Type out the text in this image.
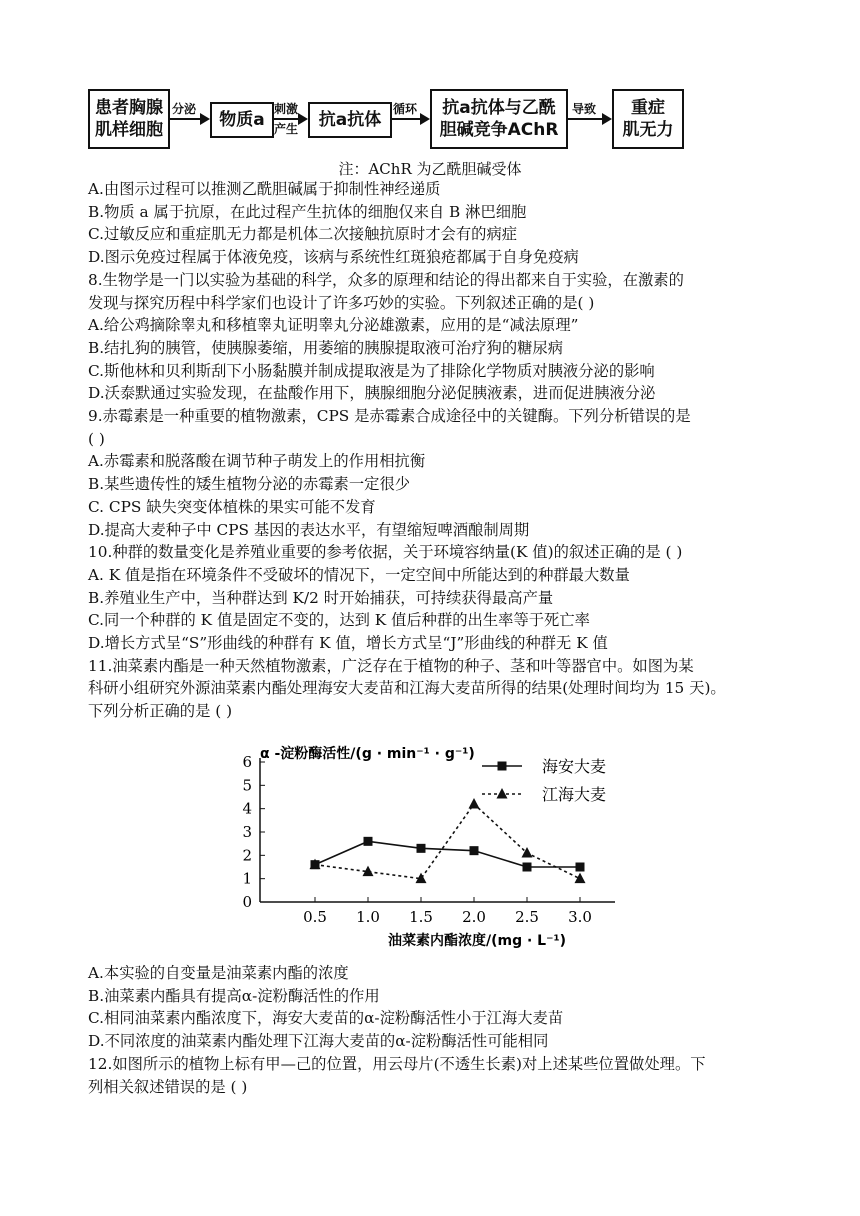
患者胸腺
肌样细胞
分泌
物质a
刺激
产生	抗a抗体
循环	抗a抗体与乙酰
胆碱竞争AChR
导致	重症
肌无力
注：AChR 为乙酰胆碱受体
A.由图示过程可以推测乙酰胆碱属于抑制性神经递质
B.物质 a 属于抗原，在此过程产生抗体的细胞仅来自 B 淋巴细胞
C.过敏反应和重症肌无力都是机体二次接触抗原时才会有的病症
D.图示免疫过程属于体液免疫，该病与系统性红斑狼疮都属于自身免疫病
8.生物学是一门以实验为基础的科学，众多的原理和结论的得出都来自于实验，在激素的
发现与探究历程中科学家们也设计了许多巧妙的实验。下列叙述正确的是( )
A.给公鸡摘除睾丸和移植睾丸证明睾丸分泌雄激素，应用的是“减法原理”
B.结扎狗的胰管，使胰腺萎缩，用萎缩的胰腺提取液可治疗狗的糖尿病
C.斯他林和贝利斯刮下小肠黏膜并制成提取液是为了排除化学物质对胰液分泌的影响
D.沃泰默通过实验发现，在盐酸作用下，胰腺细胞分泌促胰液素，进而促进胰液分泌
9.赤霉素是一种重要的植物激素，CPS 是赤霉素合成途径中的关键酶。下列分析错误的是
( )
A.赤霉素和脱落酸在调节种子萌发上的作用相抗衡
B.某些遗传性的矮生植物分泌的赤霉素一定很少
C. CPS 缺失突变体植株的果实可能不发育
D.提高大麦种子中 CPS 基因的表达水平，有望缩短啤酒酿制周期
10.种群的数量变化是养殖业重要的参考依据，关于环境容纳量(K 值)的叙述正确的是 ( )
A. K 值是指在环境条件不受破坏的情况下，一定空间中所能达到的种群最大数量
B.养殖业生产中，当种群达到 K/2 时开始捕获，可持续获得最高产量
C.同一个种群的 K 值是固定不变的，达到 K 值后种群的出生率等于死亡率
D.增长方式呈“S”形曲线的种群有 K 值，增长方式呈“J”形曲线的种群无 K 值
11.油菜素内酯是一种天然植物激素，广泛存在于植物的种子、茎和叶等器官中。如图为某
科研小组研究外源油菜素内酯处理海安大麦苗和江海大麦苗所得的结果(处理时间均为 15 天)。
下列分析正确的是 ( )
α -淀粉酶活性/(g · min⁻¹ · g⁻¹)
油菜素内酯浓度/(mg · L⁻¹)
0
1
2
3
4
5
6
0.5 1.0 1.5 2.0 2.5 3.0
海安大麦
江海大麦
A.本实验的自变量是油菜素内酯的浓度
B.油菜素内酯具有提高α-淀粉酶活性的作用
C.相同油菜素内酯浓度下，海安大麦苗的α-淀粉酶活性小于江海大麦苗
D.不同浓度的油菜素内酯处理下江海大麦苗的α-淀粉酶活性可能相同
12.如图所示的植物上标有甲—己的位置，用云母片(不透生长素)对上述某些位置做处理。下
列相关叙述错误的是 ( )
